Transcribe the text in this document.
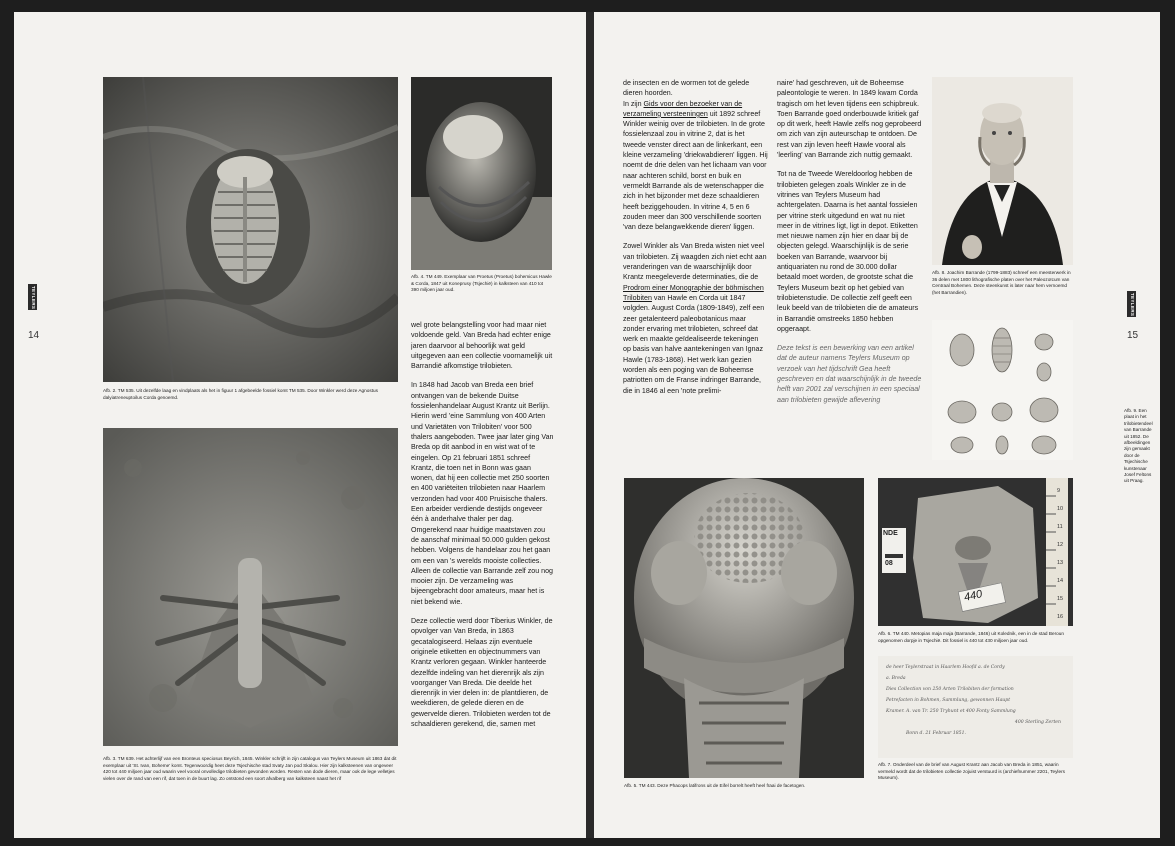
TEYLERS
14
Afb. 2. TM 535. Uit dezelfde laag en vindplaats als het in figuur 1 afgebeelde fossiel komt TM 535. Door Winkler werd deze Agnostus dalyiatreneuptoilus Corda genoemd.
Afb. 4. TM 449. Exemplaar van Proetus (Proetus) bohemicus Hawle & Corda, 1847 uit Koneprusy (Tsjechië) in kalksteen van 410 tot 390 miljoen jaar oud.

wel grote belangstelling voor had maar niet voldoende geld. Van Breda had echter enige jaren daarvoor al behoorlijk wat geld uitgegeven aan een collectie voornamelijk uit Barrandië afkomstige trilobieten.

In 1848 had Jacob van Breda een brief ontvangen van de bekende Duitse fossielenhandelaar August Krantz uit Berlijn. Hierin werd 'eine Sammlung von 400 Arten und Varietäten von Trilobiten' voor 500 thalers aangeboden. Twee jaar later ging Van Breda op dit aanbod in en wist wat of te eingelen. Op 21 februari 1851 schreef Krantz, die toen net in Bonn was gaan wonen, dat hij een collectie met 250 soorten en 400 variëteiten trilobieten naar Haarlem verzonden had voor 400 Pruisische thalers. Een arbeider verdiende destijds ongeveer één à anderhalve thaler per dag. Omgerekend naar huidige maatstaven zou de aanschaf minimaal 50.000 gulden gekost hebben. Volgens de handelaar zou het gaan om een van 's werelds mooiste collecties. Alleen de collectie van Barrande zelf zou nog mooier zijn. De verzameling was bijeengebracht door amateurs, maar het is niet bekend wie.

Deze collectie werd door Tiberius Winkler, de opvolger van Van Breda, in 1863 gecatalogiseerd. Helaas zijn eventuele originele etiketten en objectnummers van Krantz verloren gegaan. Winkler hanteerde dezelfde indeling van het dierenrijk als zijn voorganger Van Breda. Die deelde het dierenrijk in vier delen in: de plantdieren, de weekdieren, de gelede dieren en de gewervelde dieren. Trilobieten werden tot de schaaldieren gerekend, die, samen met

Afb. 3. TM 639. Het achterlijf van een Bronteus speciosus Beyrich, 1845. Winkler schrijft in zijn catalogus van Teylers Museum uit 1863 dat dit exemplaar uit 'St. Ivan, Boheme' komt. Tegenwoordig heet deze Tsjechische stad Svaty Jan pod Skalou. Hier zijn kalksteenen van ongeveer 420 tot 440 miljoen jaar oud waarin veel vooral onvolledige trilobieten gevonden worden. Resten van dode dieren, maar ook de lege velletjes vielen over de rand van een rif, dat toen in de buurt lag. Zo ontstond een soort afvalberg van kalksteen naast het rif
TEYLERS
15

de insecten en de wormen tot de gelede dieren hoorden.
In zijn Gids voor den bezoeker van de verzameling versteeningen uit 1892 schreef Winkler weinig over de trilobieten. In de grote fossielenzaal zou in vitrine 2, dat is het tweede venster direct aan de linkerkant, een kleine verzameling 'driekwabdieren' liggen. Hij noemt de drie delen van het lichaam van voor naar achteren schild, borst en buik en vermeldt Barrande als de wetenschapper die zich in het bijzonder met deze schaaldieren heeft beziggehouden. In vitrine 4, 5 en 6 zouden meer dan 300 verschillende soorten 'van deze belangwekkende dieren' liggen.

Zowel Winkler als Van Breda wisten niet veel van trilobieten. Zij waagden zich niet echt aan veranderingen van de waarschijnlijk door Krantz meegeleverde determinaties, die de Prodrom einer Monographie der böhmischen Trilobiten van Hawle en Corda uit 1847 volgden. August Corda (1809-1849), zelf een zeer getalenteerd paleobotanicus maar zonder ervaring met trilobieten, schreef dat werk en maakte geïdealiseerde tekeningen op basis van halve aantekeningen van Ignaz Hawle (1783-1868). Het werk kan gezien worden als een poging van de Boheemse patriotten om de Franse indringer Barrande, die in 1846 al een 'note prelimi-

naire' had geschreven, uit de Boheemse paleontologie te weren. In 1849 kwam Corda tragisch om het leven tijdens een schipbreuk. Toen Barrande goed onderbouwde kritiek gaf op dit werk, heeft Hawle zelfs nog geprobeerd om zich van zijn auteurschap te ontdoen. De rest van zijn leven heeft Hawle vooral als 'leerling' van Barrande zich nuttig gemaakt.

Tot na de Tweede Wereldoorlog hebben de trilobieten gelegen zoals Winkler ze in de vitrines van Teylers Museum had achtergelaten. Daarna is het aantal fossielen per vitrine sterk uitgedund en wat nu niet meer in de vitrines ligt, ligt in depot. Etiketten met nieuwe namen zijn hier en daar bij de objecten gelegd. Waarschijnlijk is de serie boeken van Barrande, waarvoor bij antiquariaten nu rond de 30.000 dollar betaald moet worden, de grootste schat die Teylers Museum bezit op het gebied van trilobietenstudie. De collectie zelf geeft een leuk beeld van de trilobieten die de amateurs in Barrandië omstreeks 1850 hebben opgeraapt.

Deze tekst is een bewerking van een artikel dat de auteur namens Teylers Museum op verzoek van het tijdschrift Gea heeft geschreven en dat waarschijnlijk in de tweede helft van 2001 zal verschijnen in een speciaal aan trilobieten gewijde aflevering

Afb. 8. Joachim Barrande (1799-1883) schreef een meesterwerk in 36 delen met 1800 lithografische platen over het Paleozoïcum van Centraal Bohemen. Deze steenkunst is later naar hem vernoemd (het Barrandien).
Afb. 9. Een plaat in het trilobietendeel van Barrande uit 1852. De afbeeldingen zijn gemaakt door de Tsjechische kunstenaar Josef Feltons uit Praag.
Afb. 5. TM 443. Deze Phacops latifrons uit de Eifel borrelt heeft heel fraai de facetogen.
440
NDE
08
9 10 11 12 13 14 15 16
Afb. 6. TM 440. Metopias maja maja (Barrande, 1846) uit Kolednik, een in de stad Beroun opgenomen dorpje in Tsjechië. Dit fossiel is 440 tot 430 miljoen jaar oud.
de heer Teylerstraat in Haarlem Hoofd a. de Cordy
a. Breda
Dies Collection von 250 Arten Trilobiten der formation
Petrefacten in Bohmen, Sammlung, gewonnen Haupt
Kramer. A. van Tr. 250 Tryhunt et 400 Fonty Sammlung
400 Sterling Zerten
Bonn d. 21 Februar 1851.
Afb. 7. Onderdeel van de brief van August Krantz aan Jacob van Breda in 1851, waarin vermeld wordt dat de trilobieten collectie zojuist verstuurd is (archiefnummer 2201, Teylers Museum).
